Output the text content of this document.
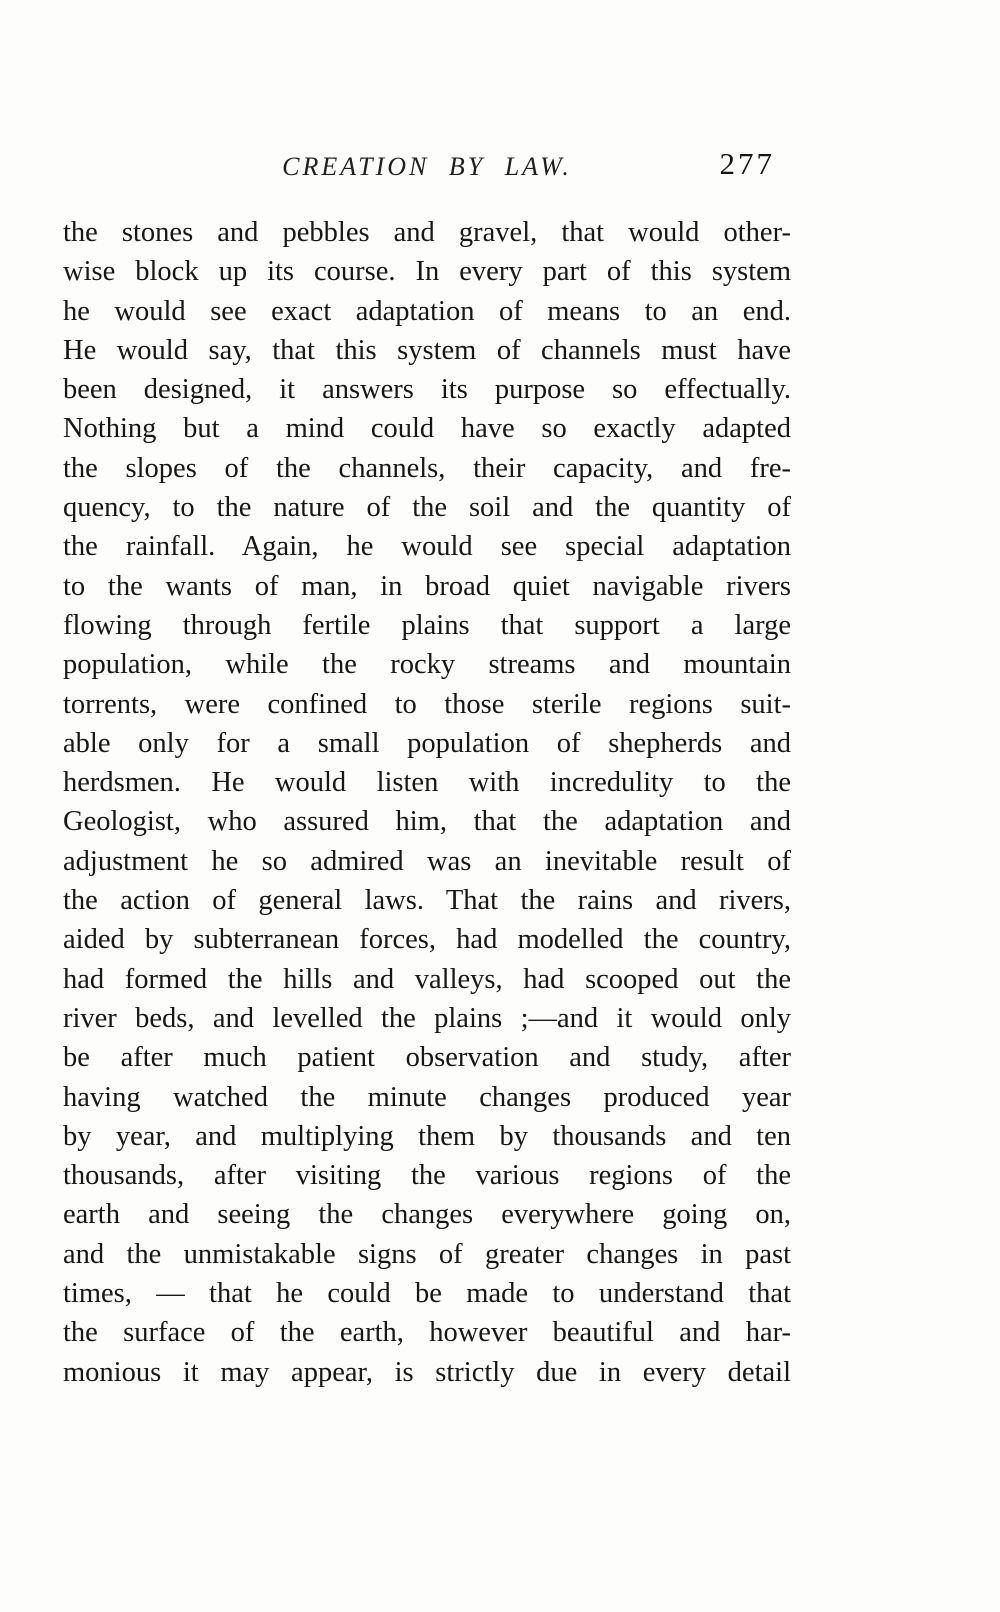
CREATION BY LAW.	277
the stones and pebbles and gravel, that would other-
wise block up its course. In every part of this system
he would see exact adaptation of means to an end.
He would say, that this system of channels must have
been designed, it answers its purpose so effectually.
Nothing but a mind could have so exactly adapted
the slopes of the channels, their capacity, and fre-
quency, to the nature of the soil and the quantity of
the rainfall. Again, he would see special adaptation
to the wants of man, in broad quiet navigable rivers
flowing through fertile plains that support a large
population, while the rocky streams and mountain
torrents, were confined to those sterile regions suit-
able only for a small population of shepherds and
herdsmen. He would listen with incredulity to the
Geologist, who assured him, that the adaptation and
adjustment he so admired was an inevitable result of
the action of general laws. That the rains and rivers,
aided by subterranean forces, had modelled the country,
had formed the hills and valleys, had scooped out the
river beds, and levelled the plains ;—and it would only
be after much patient observation and study, after
having watched the minute changes produced year
by year, and multiplying them by thousands and ten
thousands, after visiting the various regions of the
earth and seeing the changes everywhere going on,
and the unmistakable signs of greater changes in past
times, — that he could be made to understand that
the surface of the earth, however beautiful and har-
monious it may appear, is strictly due in every detail
